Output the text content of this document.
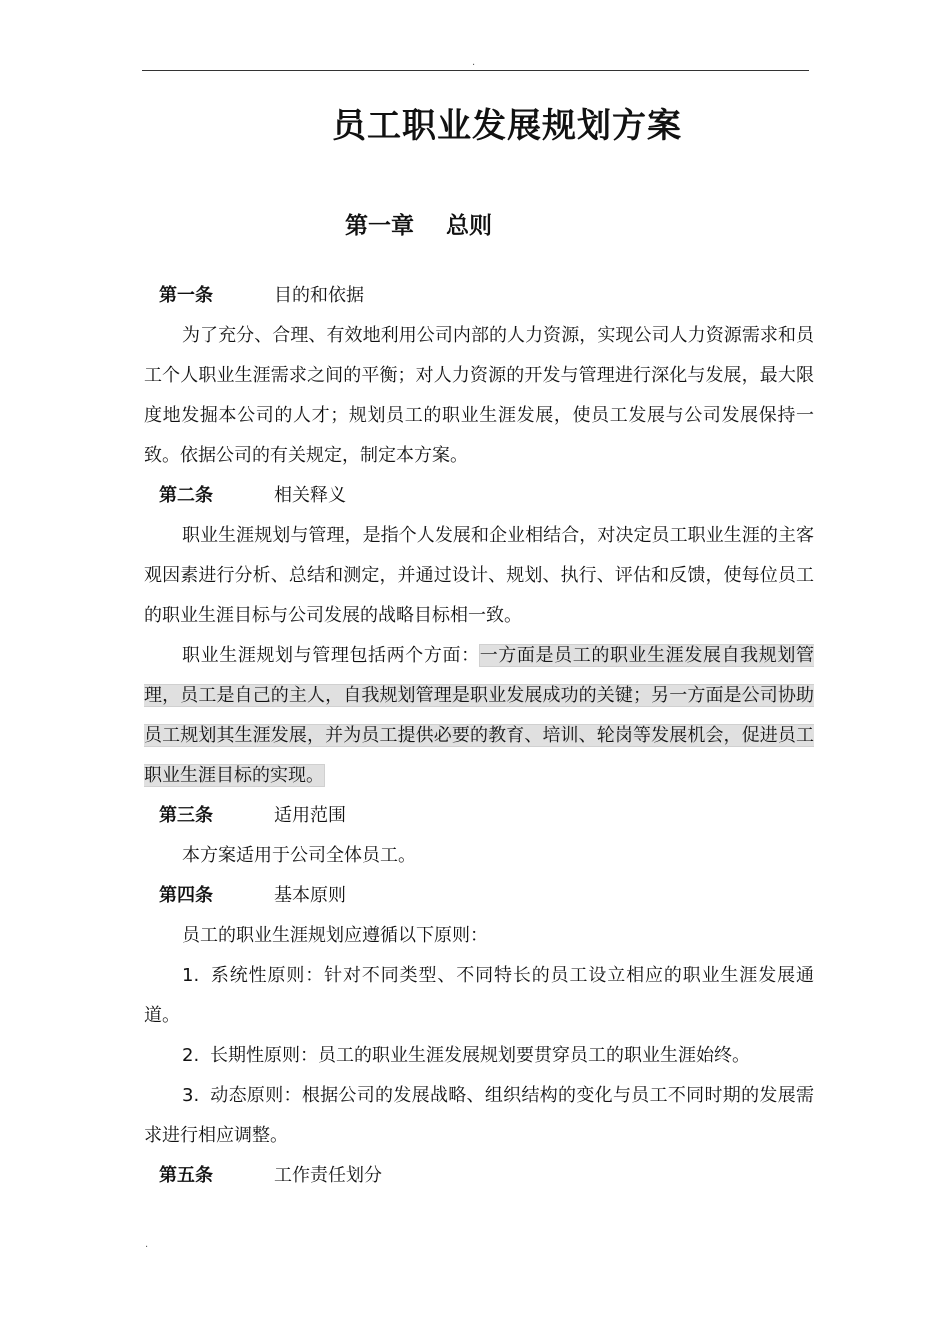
.
员工职业发展规划方案
第一章 总则
第一条	目的和依据

为了充分、合理、有效地利用公司内部的人力资源，实现公司人力资源需求和员工个人职业生涯需求之间的平衡；对人力资源的开发与管理进行深化与发展，最大限度地发掘本公司的人才；规划员工的职业生涯发展，使员工发展与公司发展保持一致。依据公司的有关规定，制定本方案。

第二条	相关释义

职业生涯规划与管理，是指个人发展和企业相结合，对决定员工职业生涯的主客观因素进行分析、总结和测定，并通过设计、规划、执行、评估和反馈，使每位员工的职业生涯目标与公司发展的战略目标相一致。

职业生涯规划与管理包括两个方面：一方面是员工的职业生涯发展自我规划管理，员工是自己的主人，自我规划管理是职业发展成功的关键；另一方面是公司协助员工规划其生涯发展，并为员工提供必要的教育、培训、轮岗等发展机会，促进员工职业生涯目标的实现。

第三条	适用范围

本方案适用于公司全体员工。

第四条	基本原则

员工的职业生涯规划应遵循以下原则：

1. 系统性原则：针对不同类型、不同特长的员工设立相应的职业生涯发展通道。

2. 长期性原则：员工的职业生涯发展规划要贯穿员工的职业生涯始终。

3. 动态原则：根据公司的发展战略、组织结构的变化与员工不同时期的发展需求进行相应调整。

第五条	工作责任划分
.
